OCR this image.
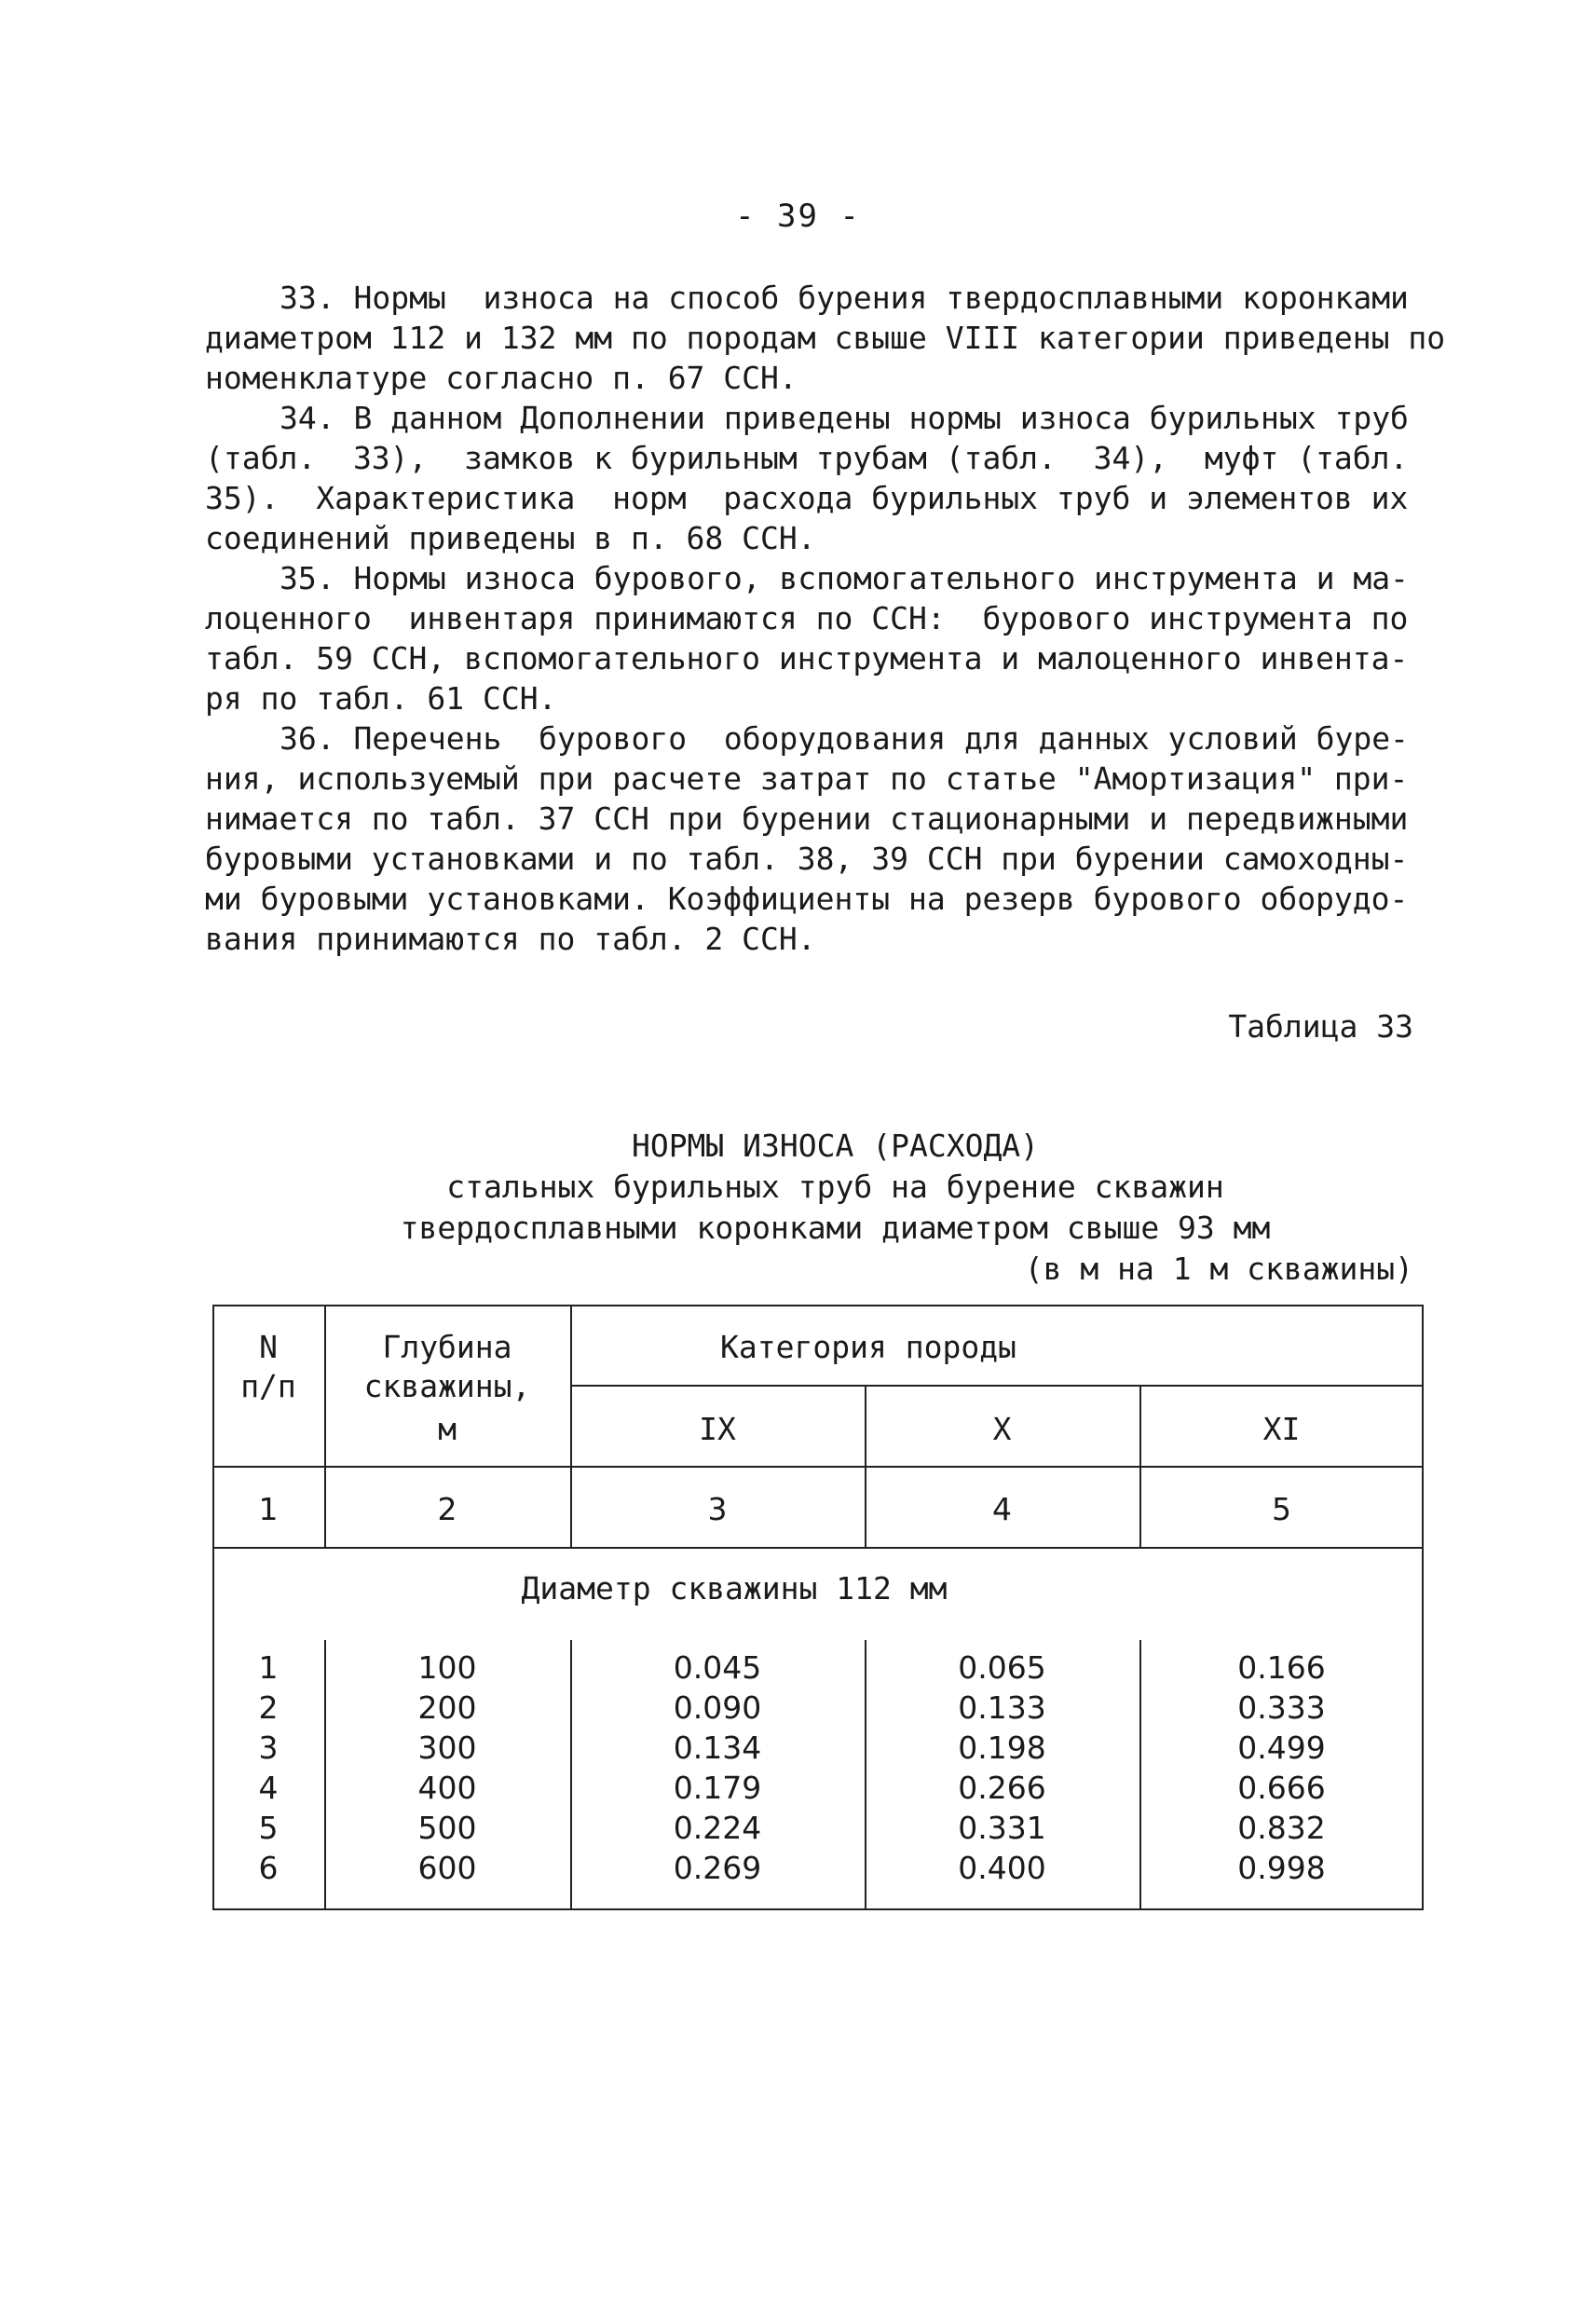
- 39 -
33. Нормы  износа на способ бурения твердосплавными коронками
диаметром 112 и 132 мм по породам свыше VIII категории приведены по
номенклатуре согласно п. 67 ССН.
34. В данном Дополнении приведены нормы износа бурильных труб
(табл.  33),  замков к бурильным трубам (табл.  34),  муфт (табл.
35).  Характеристика  норм  расхода бурильных труб и элементов их
соединений приведены в п. 68 ССН.
35. Нормы износа бурового, вспомогательного инструмента и ма-
лоценного  инвентаря принимаются по ССН:  бурового инструмента по
табл. 59 ССН, вспомогательного инструмента и малоценного инвента-
ря по табл. 61 ССН.
36. Перечень  бурового  оборудования для данных условий буре-
ния, используемый при расчете затрат по статье "Амортизация" при-
нимается по табл. 37 ССН при бурении стационарными и передвижными
буровыми установками и по табл. 38, 39 ССН при бурении самоходны-
ми буровыми установками. Коэффициенты на резерв бурового оборудо-
вания принимаются по табл. 2 ССН.
Таблица 33
НОРМЫ ИЗНОСА (РАСХОДА)
стальных бурильных труб на бурение скважин
твердосплавными коронками диаметром свыше 93 мм
(в м на 1 м скважины)
N
п/п
Глубина
скважины,
м
Категория породы
IX	X	XI
1	2	3	4	5
Диаметр скважины 112 мм
1	100	0.045	0.065	0.166
2	200	0.090	0.133	0.333
3	300	0.134	0.198	0.499
4	400	0.179	0.266	0.666
5	500	0.224	0.331	0.832
6	600	0.269	0.400	0.998
